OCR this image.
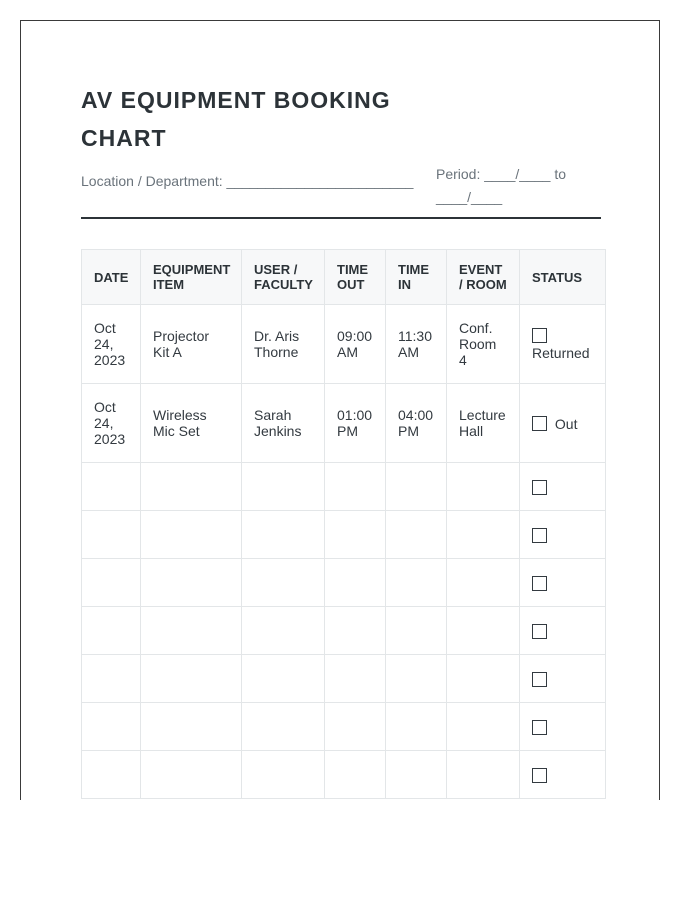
AV EQUIPMENT BOOKING CHART
Location / Department: ________________________ Period: ____/____ to ____/____
DATE	EQUIPMENT ITEM	USER / FACULTY	TIME OUT	TIME IN	EVENT / ROOM	STATUS
Oct 24, 2023	Projector Kit A	Dr. Aris Thorne	09:00 AM	11:30 AM	Conf. Room 4	Returned

Oct 24, 2023	Wireless Mic Set	Sarah Jenkins	01:00 PM	04:00 PM	Lecture Hall	Out
